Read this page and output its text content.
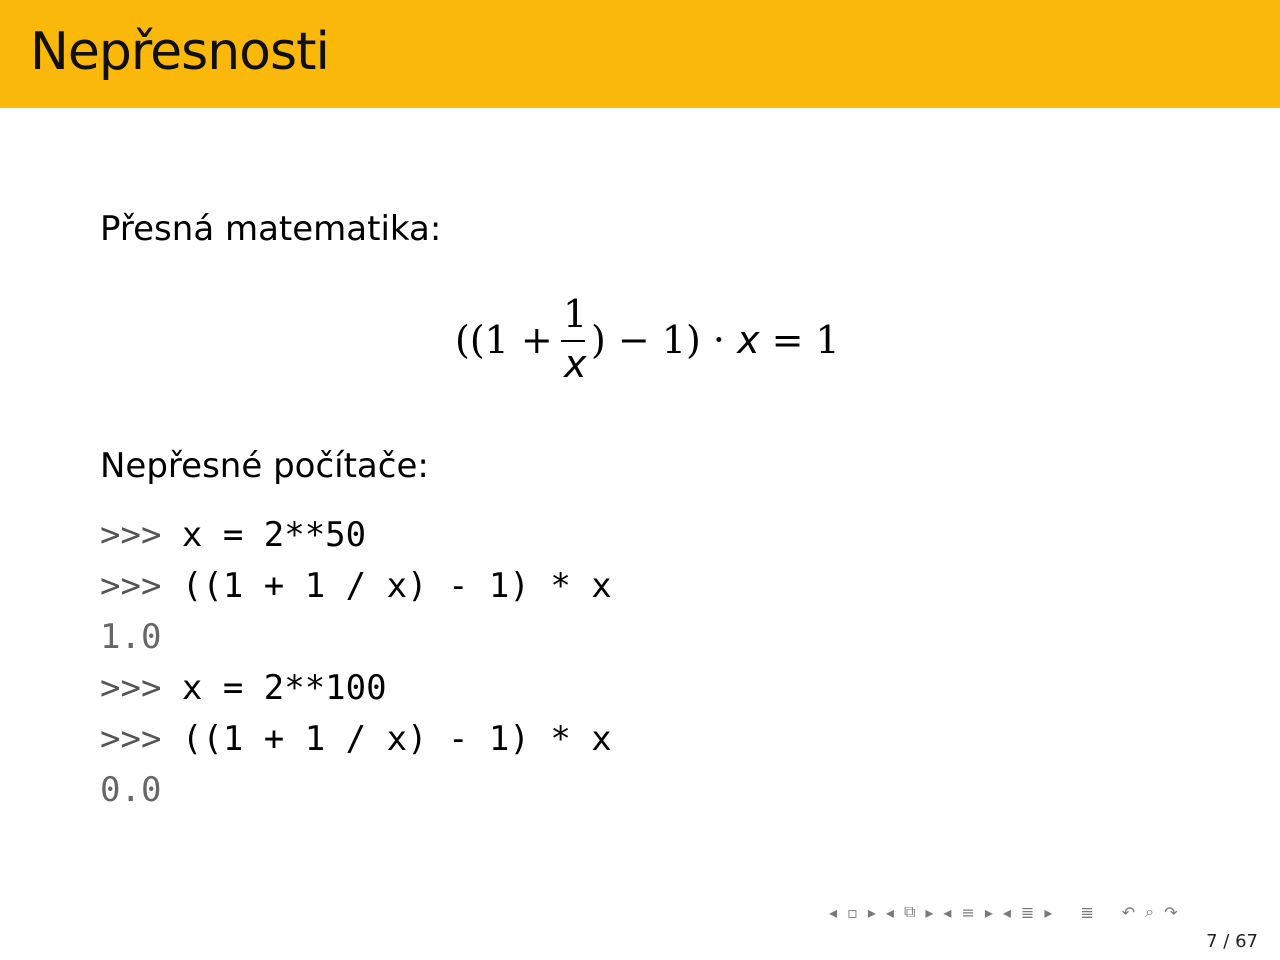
Nepřesnosti
Přesná matematika:
((1 +
1
x
) − 1) · x = 1
Nepřesné počítače:
>>> x = 2**50
>>> ((1 + 1 / x) - 1) * x
1.0
>>> x = 2**100
>>> ((1 + 1 / x) - 1) * x
0.0
◂ ▫ ▸ ◂ ⧉ ▸ ◂ ≡ ▸ ◂ ≣ ▸ ≣ ↶ ⌕ ↷
7 / 67
